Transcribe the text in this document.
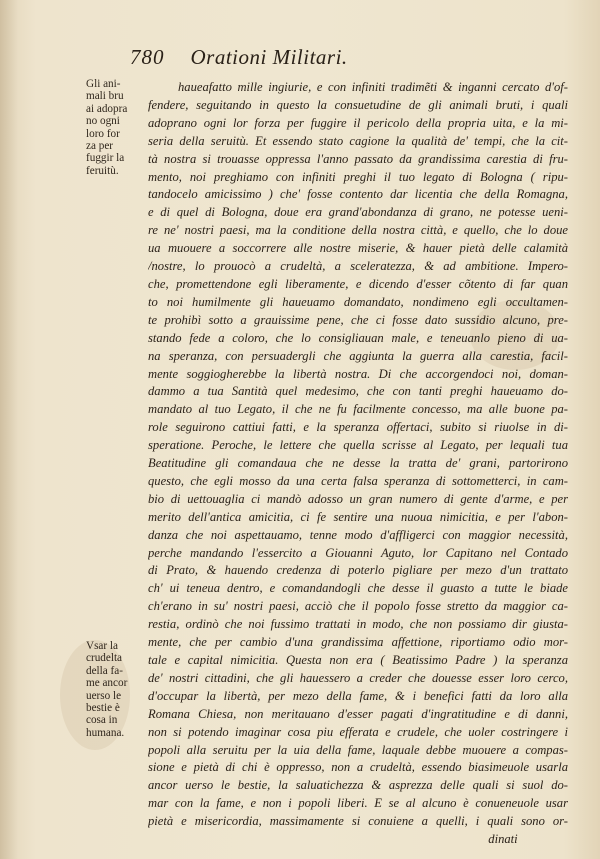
780 Orationi Militari.
Gli ani-
mali bru
ai adopra
no ogni
loro for
za per
fuggir la
feruitù.
Vsar la
crudelta
della fa-
me ancor
uerso le
bestie è
cosa in
humana.
haueafatto mille ingiurie, e con infiniti tradimẽti & inganni cercato d'of-
fendere, seguitando in questo la consuetudine de gli animali bruti, i quali
adoprano ogni lor forza per fuggire il pericolo della propria uita, e la mi-
seria della seruitù. Et essendo stato cagione la qualità de' tempi, che la cit-
tà nostra si trouasse oppressa l'anno passato da grandissima carestia di fru-
mento, noi preghiamo con infiniti preghi il tuo legato di Bologna ( ripu-
tandocelo amicissimo ) che' fosse contento dar licentia che della Romagna,
e di quel di Bologna, doue era grand'abondanza di grano, ne potesse ueni-
re ne' nostri paesi, ma la conditione della nostra città, e quello, che lo doue
ua muouere a soccorrere alle nostre miserie, & hauer pietà delle calamità
/nostre, lo prouocò a crudeltà, a sceleratezza, & ad ambitione. Impero-
che, promettendone egli liberamente, e dicendo d'esser cõtento di far quan
to noi humilmente gli haueuamo domandato, nondimeno egli occultamen-
te prohibì sotto a grauissime pene, che ci fosse dato sussidio alcuno, pre-
stando fede a coloro, che lo consigliauan male, e teneuanlo pieno di ua-
na speranza, con persuadergli che aggiunta la guerra alla carestia, facil-
mente soggiogherebbe la libertà nostra. Di che accorgendoci noi, doman-
dammo a tua Santità quel medesimo, che con tanti preghi haueuamo do-
mandato al tuo Legato, il che ne fu facilmente concesso, ma alle buone pa-
role seguirono cattiui fatti, e la speranza offertaci, subito si riuolse in di-
speratione. Peroche, le lettere che quella scrisse al Legato, per lequali tua
Beatitudine gli comandaua che ne desse la tratta de' grani, partorirono
questo, che egli mosso da una certa falsa speranza di sottometterci, in cam-
bio di uettouaglia ci mandò adosso un gran numero di gente d'arme, e per
merito dell'antica amicitia, ci fe sentire una nuoua nimicitia, e per l'abon-
danza che noi aspettauamo, tenne modo d'affligerci con maggior necessità,
perche mandando l'essercito a Giouanni Aguto, lor Capitano nel Contado
di Prato, & hauendo credenza di poterlo pigliare per mezo d'un trattato
ch' ui teneua dentro, e comandandogli che desse il guasto a tutte le biade
ch'erano in su' nostri paesi, acciò che il popolo fosse stretto da maggior ca-
restia, ordinò che noi fussimo trattati in modo, che non possiamo dir giusta-
mente, che per cambio d'una grandissima affettione, riportiamo odio mor-
tale e capital nimicitia. Questa non era ( Beatissimo Padre ) la speranza
de' nostri cittadini, che gli hauessero a creder che douesse esser loro cerco,
d'occupar la libertà, per mezo della fame, & i benefici fatti da loro alla
Romana Chiesa, non meritauano d'esser pagati d'ingratitudine e di danni,
non si potendo imaginar cosa piu efferata e crudele, che uoler costringere i
popoli alla seruitu per la uia della fame, laquale debbe muouere a compas-
sione e pietà di chi è oppresso, non a crudeltà, essendo biasimeuole usarla
ancor uerso le bestie, la saluatichezza & asprezza delle quali si suol do-
mar con la fame, e non i popoli liberi. E se al alcuno è conueneuole usar
pietà e misericordia, massimamente si conuiene a quelli, i quali sono or-
dinati
